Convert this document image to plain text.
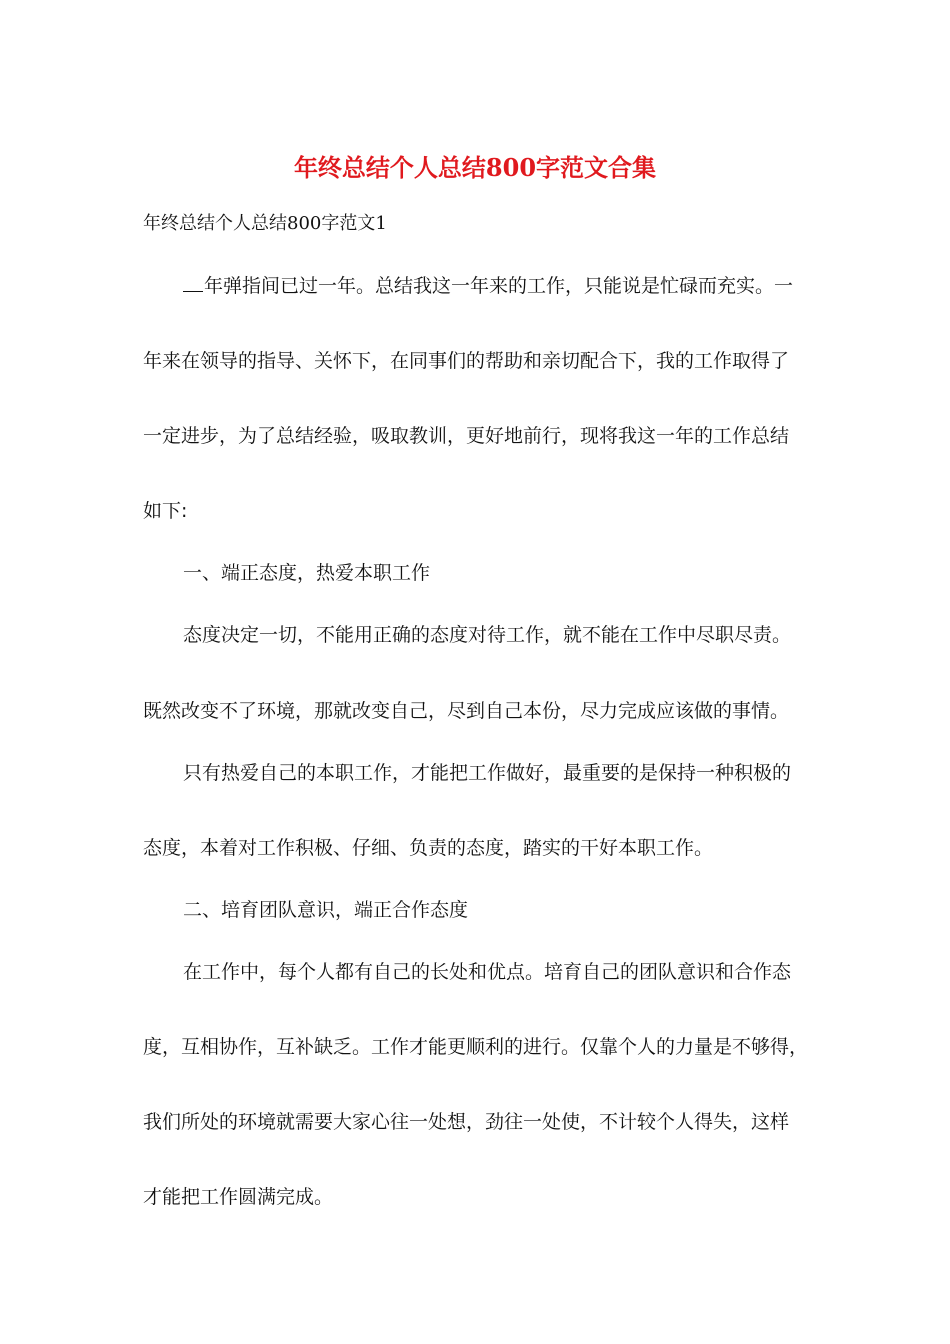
年终总结个人总结800字范文合集

年终总结个人总结800字范文1

年弹指间已过一年。总结我这一年来的工作，只能说是忙碌而充实。一

年来在领导的指导、关怀下，在同事们的帮助和亲切配合下，我的工作取得了

一定进步，为了总结经验，吸取教训，更好地前行，现将我这一年的工作总结

如下:

一、端正态度，热爱本职工作

态度决定一切，不能用正确的态度对待工作，就不能在工作中尽职尽责。

既然改变不了环境，那就改变自己，尽到自己本份，尽力完成应该做的事情。

只有热爱自己的本职工作，才能把工作做好，最重要的是保持一种积极的

态度，本着对工作积极、仔细、负责的态度，踏实的干好本职工作。

二、培育团队意识，端正合作态度

在工作中，每个人都有自己的长处和优点。培育自己的团队意识和合作态

度，互相协作，互补缺乏。工作才能更顺利的进行。仅靠个人的力量是不够得，

我们所处的环境就需要大家心往一处想，劲往一处使，不计较个人得失，这样

才能把工作圆满完成。
